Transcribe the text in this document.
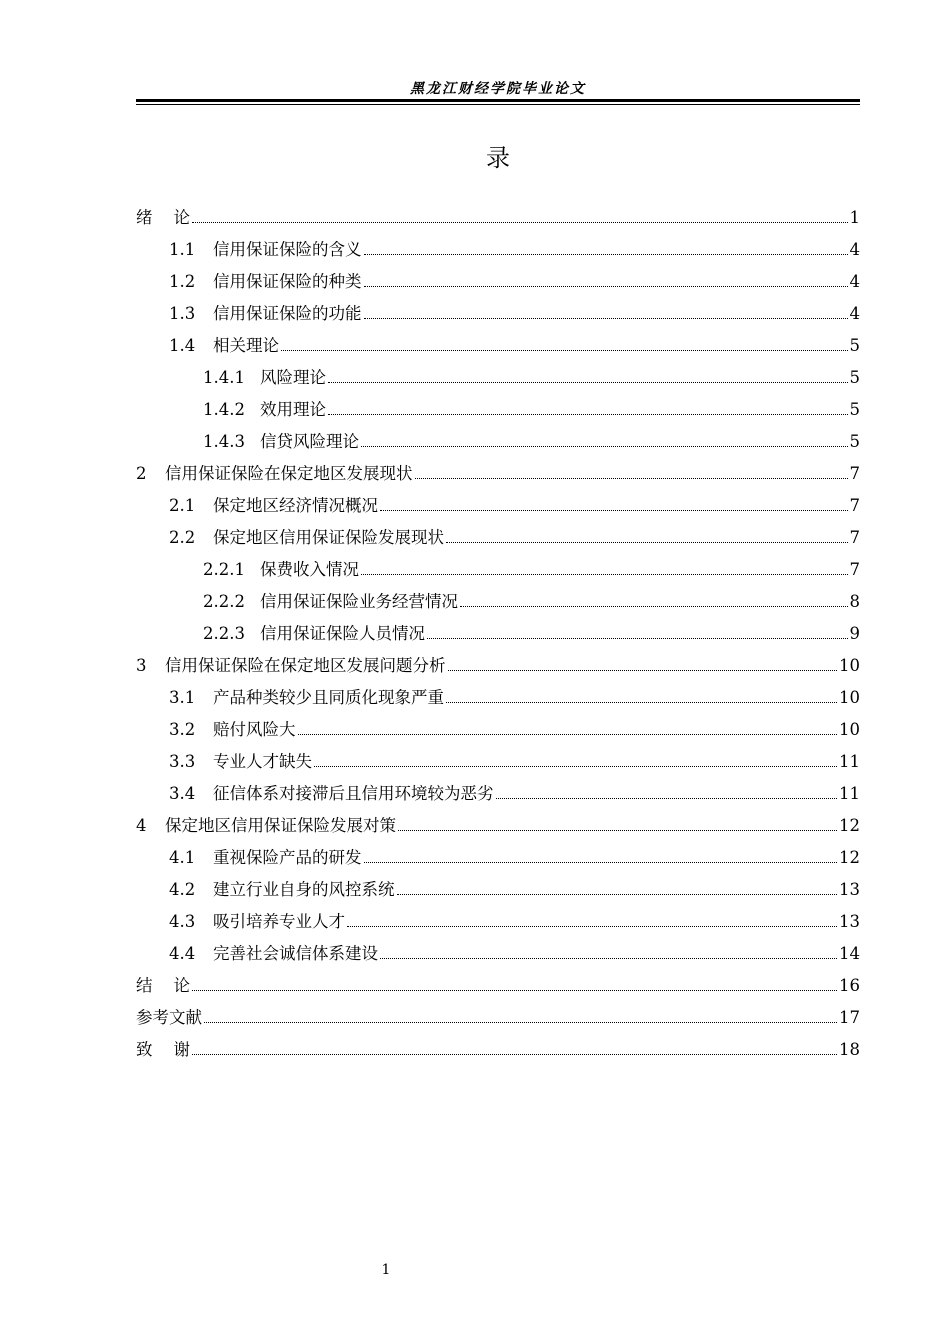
黑龙江财经学院毕业论文
录
绪    论	1
1.1	信用保证保险的含义	4
1.2	信用保证保险的种类	4
1.3	信用保证保险的功能	4
1.4	相关理论	5
1.4.1 风险理论	5
1.4.2 效用理论	5
1.4.3 信贷风险理论	5
2	信用保证保险在保定地区发展现状	7
2.1	保定地区经济情况概况	7
2.2	保定地区信用保证保险发展现状	7
2.2.1 保费收入情况	7
2.2.2 信用保证保险业务经营情况	8
2.2.3 信用保证保险人员情况	9
3	信用保证保险在保定地区发展问题分析	10
3.1	产品种类较少且同质化现象严重	10
3.2	赔付风险大	10
3.3	专业人才缺失	11
3.4	征信体系对接滞后且信用环境较为恶劣	11
4	保定地区信用保证保险发展对策	12
4.1	重视保险产品的研发	12
4.2	建立行业自身的风控系统	13
4.3	吸引培养专业人才	13
4.4	完善社会诚信体系建设	14
结    论	16
参考文献	17
致    谢	18
1
